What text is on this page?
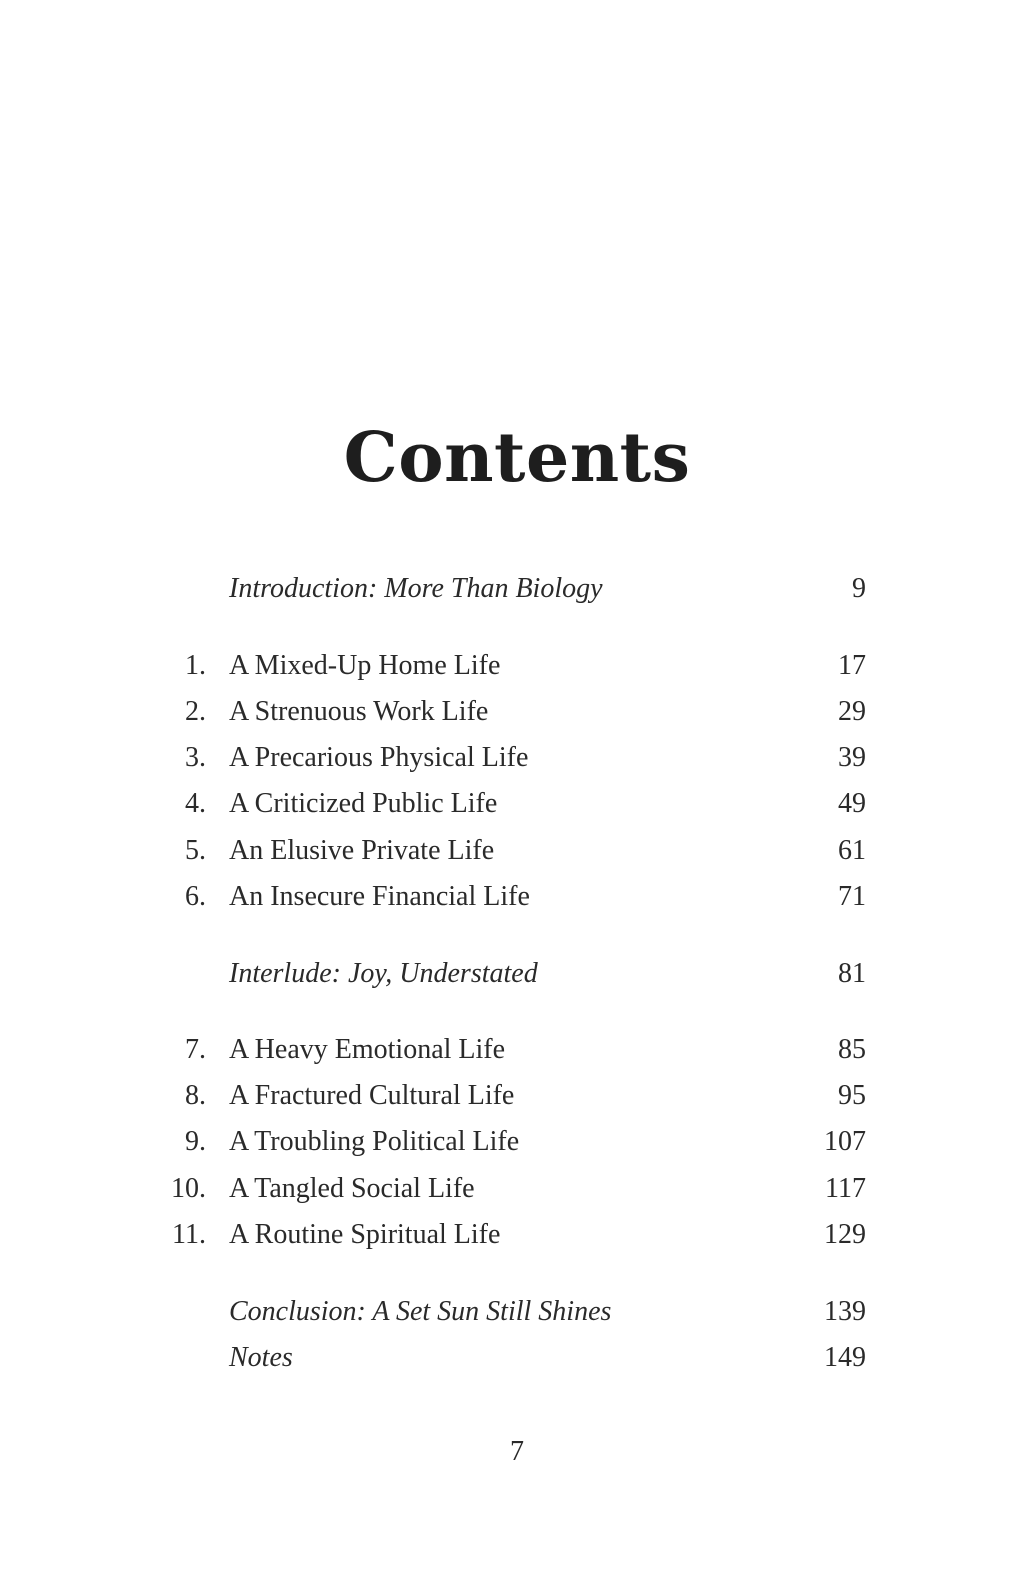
Contents
Introduction: More Than Biology	9
1. A Mixed-Up Home Life	17
2. A Strenuous Work Life	29
3. A Precarious Physical Life	39
4. A Criticized Public Life	49
5. An Elusive Private Life	61
6. An Insecure Financial Life	71
Interlude: Joy, Understated	81
7. A Heavy Emotional Life	85
8. A Fractured Cultural Life	95
9. A Troubling Political Life	107
10. A Tangled Social Life	117
11. A Routine Spiritual Life	129
Conclusion: A Set Sun Still Shines	139
Notes	149
7
